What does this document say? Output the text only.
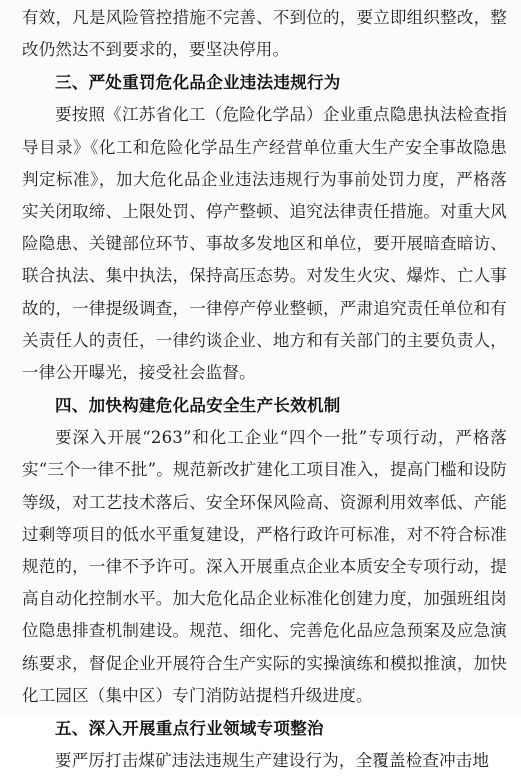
有效，凡是风险管控措施不完善、不到位的，要立即组织整改，整改仍然达不到要求的，要坚决停用。

三、严处重罚危化品企业违法违规行为

要按照《江苏省化工（危险化学品）企业重点隐患执法检查指导目录》《化工和危险化学品生产经营单位重大生产安全事故隐患判定标准》，加大危化品企业违法违规行为事前处罚力度，严格落实关闭取缔、上限处罚、停产整顿、追究法律责任措施。对重大风险隐患、关键部位环节、事故多发地区和单位，要开展暗查暗访、联合执法、集中执法，保持高压态势。对发生火灾、爆炸、亡人事故的，一律提级调查，一律停产停业整顿，严肃追究责任单位和有关责任人的责任，一律约谈企业、地方和有关部门的主要负责人，一律公开曝光，接受社会监督。

四、加快构建危化品安全生产长效机制

要深入开展“263”和化工企业“四个一批”专项行动，严格落实“三个一律不批”。规范新改扩建化工项目准入，提高门槛和设防等级，对工艺技术落后、安全环保风险高、资源利用效率低、产能过剩等项目的低水平重复建设，严格行政许可标准，对不符合标准规范的，一律不予许可。深入开展重点企业本质安全专项行动，提高自动化控制水平。加大危化品企业标准化创建力度，加强班组岗位隐患排查机制建设。规范、细化、完善危化品应急预案及应急演练要求，督促企业开展符合生产实际的实操演练和模拟推演，加快化工园区（集中区）专门消防站提档升级进度。

五、深入开展重点行业领域专项整治

要严厉打击煤矿违法违规生产建设行为，全覆盖检查冲击地
